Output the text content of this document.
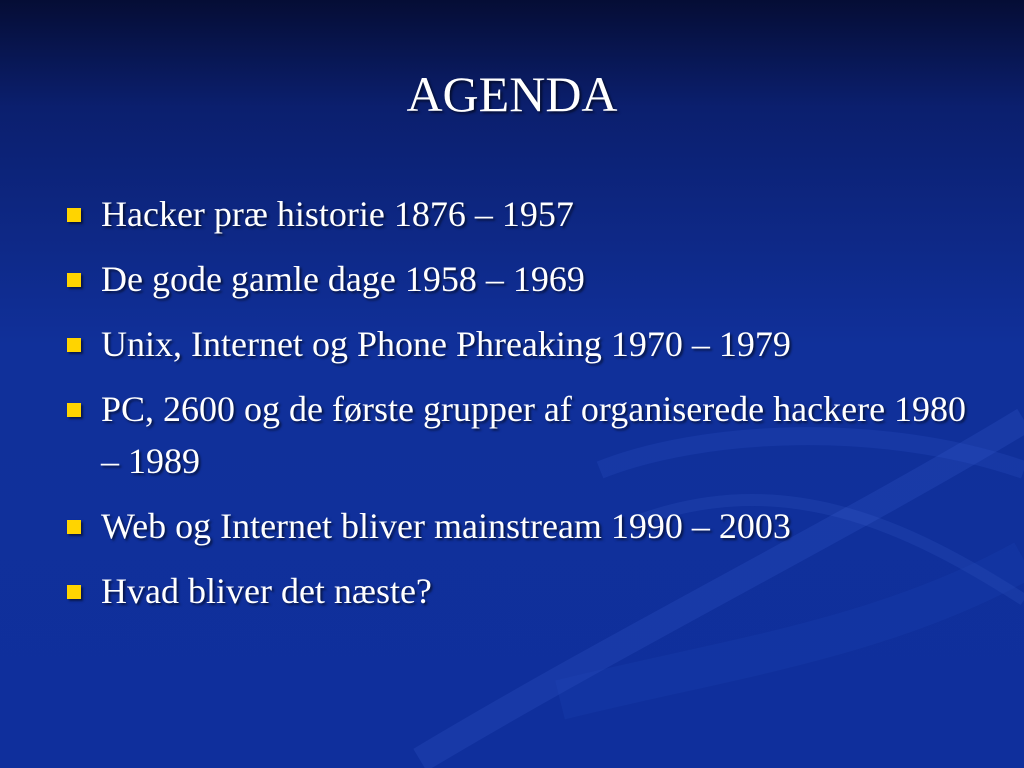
AGENDA
Hacker præ historie 1876 – 1957
De gode gamle dage 1958 – 1969
Unix, Internet og Phone Phreaking 1970 – 1979
PC, 2600 og de første grupper af organiserede hackere 1980 – 1989
Web og Internet bliver mainstream 1990 – 2003
Hvad bliver det næste?
